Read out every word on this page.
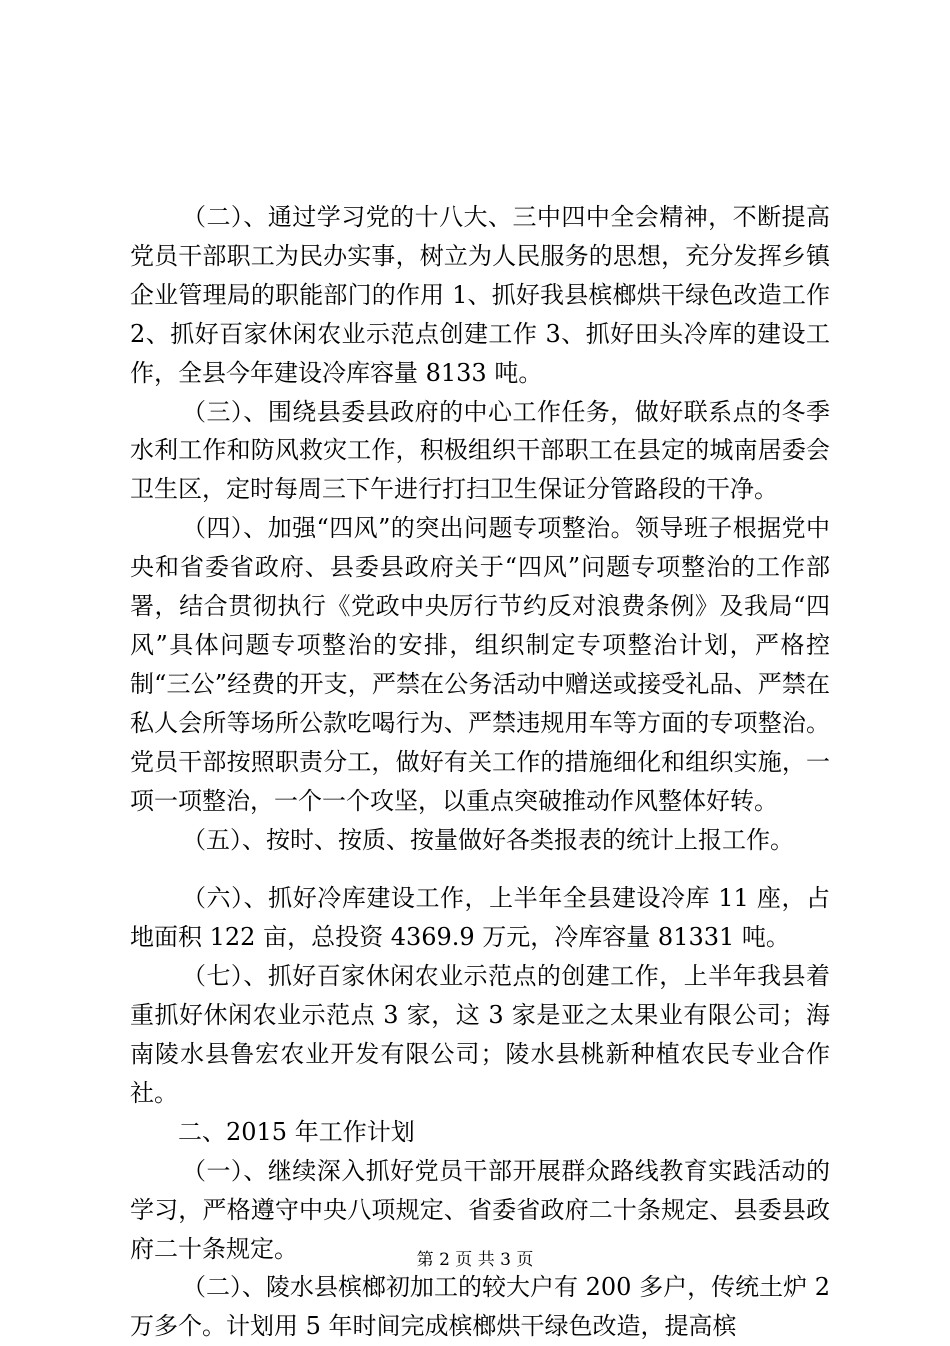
（二）、通过学习党的十八大、三中四中全会精神，不断提高党员干部职工为民办实事，树立为人民服务的思想，充分发挥乡镇企业管理局的职能部门的作用 1、抓好我县槟榔烘干绿色改造工作 2、抓好百家休闲农业示范点创建工作 3、抓好田头冷库的建设工作，全县今年建设冷库容量 8133 吨。

（三）、围绕县委县政府的中心工作任务，做好联系点的冬季水利工作和防风救灾工作，积极组织干部职工在县定的城南居委会卫生区，定时每周三下午进行打扫卫生保证分管路段的干净。

（四）、加强“四风”的突出问题专项整治。领导班子根据党中央和省委省政府、县委县政府关于“四风”问题专项整治的工作部署，结合贯彻执行《党政中央厉行节约反对浪费条例》及我局“四风”具体问题专项整治的安排，组织制定专项整治计划，严格控制“三公”经费的开支，严禁在公务活动中赠送或接受礼品、严禁在私人会所等场所公款吃喝行为、严禁违规用车等方面的专项整治。党员干部按照职责分工，做好有关工作的措施细化和组织实施，一项一项整治，一个一个攻坚，以重点突破推动作风整体好转。

（五）、按时、按质、按量做好各类报表的统计上报工作。

（六）、抓好冷库建设工作，上半年全县建设冷库 11 座，占地面积 122 亩，总投资 4369.9 万元，冷库容量 81331 吨。

（七）、抓好百家休闲农业示范点的创建工作，上半年我县着重抓好休闲农业示范点 3 家，这 3 家是亚之太果业有限公司；海南陵水县鲁宏农业开发有限公司；陵水县桃新种植农民专业合作社。

二、2015 年工作计划

（一）、继续深入抓好党员干部开展群众路线教育实践活动的学习，严格遵守中央八项规定、省委省政府二十条规定、县委县政府二十条规定。

（二）、陵水县槟榔初加工的较大户有 200 多户，传统土炉 2 万多个。计划用 5 年时间完成槟榔烘干绿色改造，提高槟

第 2 页 共 3 页
